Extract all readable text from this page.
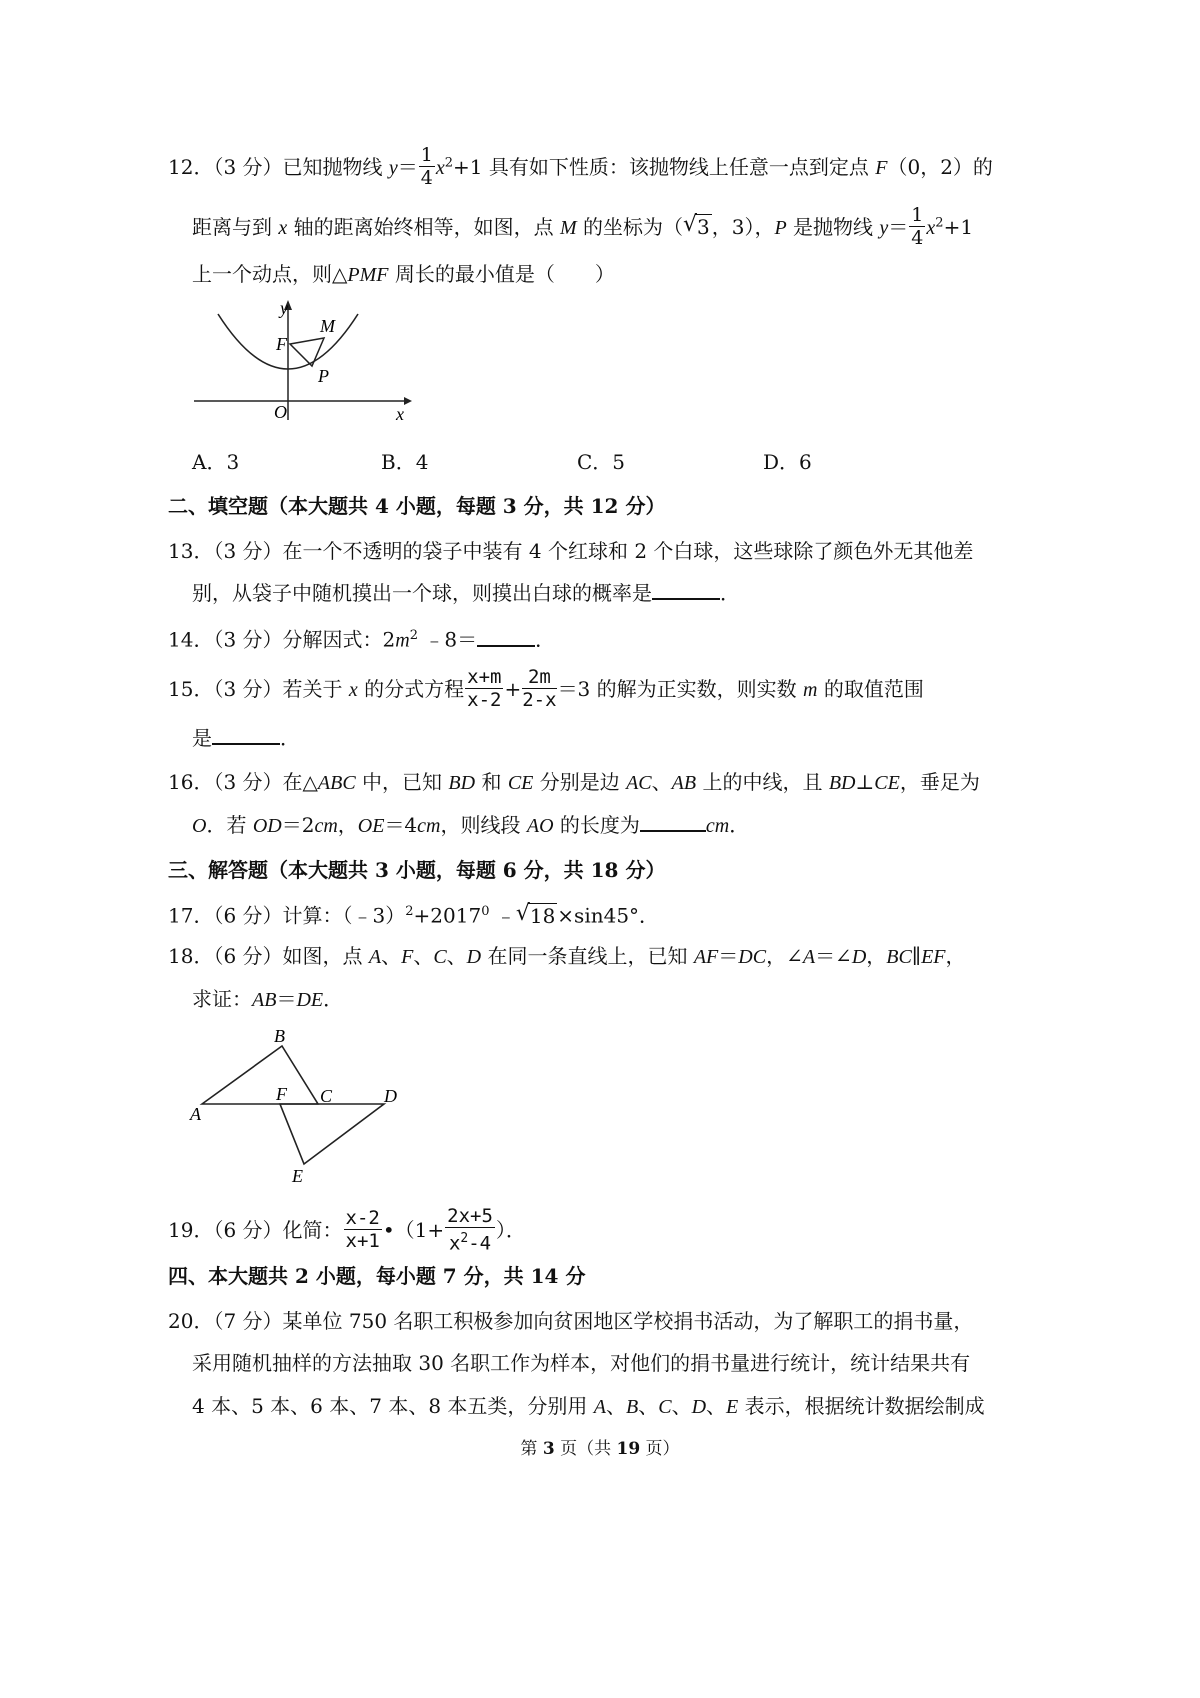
12．（3 分）已知抛物线 $y= \frac{1}{4} x^2+1$ 具有如下性质：该抛物线上任意一点到定点 F（0，2）的
距离与到 x 轴的距离始终相等，如图，点 M 的坐标为（ √ 3 ，3），P 是抛物线 $y= \frac{1}{4} x^2+1$
上一个动点，则△PMF 周长的最小值是（　　）
y
M
F
P
O	x
A．3	B．4	C．5	D．6
二、填空题（本大题共 4 小题，每题 3 分，共 12 分）
13．（3 分）在一个不透明的袋子中装有 4 个红球和 2 个白球，这些球除了颜色外无其他差
别，从袋子中随机摸出一个球，则摸出白球的概率是	．
14．（3 分）分解因式：$2m^2$ ﹣8＝	．
15．（3 分）若关于 x 的分式方程 $\frac{x+m}{x-2} + \frac{2m}{2-x} =3$ 的解为正实数，则实数 m 的取值范围
是	．
16．（3 分）在△ABC 中，已知 BD 和 CE 分别是边 AC、AB 上的中线，且 BD⊥CE，垂足为
O．若 OD＝2cm，OE＝4cm，则线段 AO 的长度为	cm．
三、解答题（本大题共 3 小题，每题 6 分，共 18 分）
17．（6 分）计算：$(﹣3)^2+2017^0$ ﹣ √ 18 ×sin45°．
18．（6 分）如图，点 A、F、C、D 在同一条直线上，已知 AF＝DC，∠A＝∠D，BC∥EF，
求证：AB＝DE．
B
A
F C	D
E
19．（6 分）化简： $\frac{x-2}{x+1}$ •（1+ $\frac{2x+5}{x^2-4}$ ）．
四、本大题共 2 小题，每小题 7 分，共 14 分
20．（7 分）某单位 750 名职工积极参加向贫困地区学校捐书活动，为了解职工的捐书量，
采用随机抽样的方法抽取 30 名职工作为样本，对他们的捐书量进行统计，统计结果共有
4 本、5 本、6 本、7 本、8 本五类，分别用 A、B、C、D、E 表示，根据统计数据绘制成
第 3 页（共 19 页）
